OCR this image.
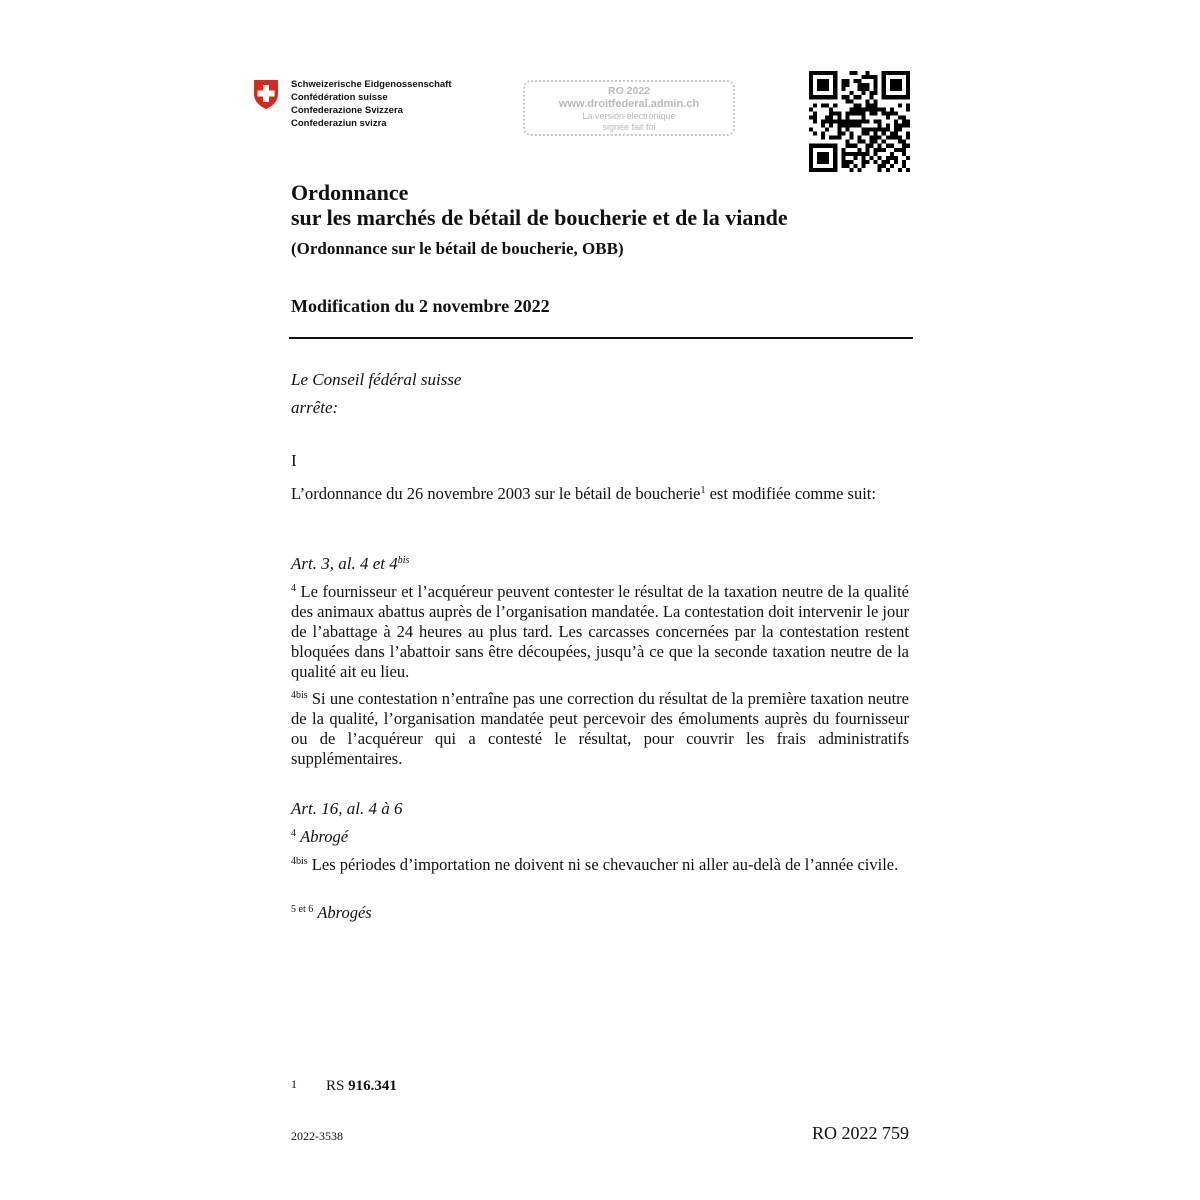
Schweizerische Eidgenossenschaft
Confédération suisse
Confederazione Svizzera
Confederaziun svizra
RO 2022
www.droitfederal.admin.ch
La version électronique
signée fait foi
Ordonnance
sur les marchés de bétail de boucherie et de la viande
(Ordonnance sur le bétail de boucherie, OBB)
Modification du 2 novembre 2022
Le Conseil fédéral suisse
arrête:
I
L’ordonnance du 26 novembre 2003 sur le bétail de boucherie$^1$ est modifiée comme suit:
Art. 3, al. 4 et $4^{bis}$
$^4$ Le fournisseur et l’acquéreur peuvent contester le résultat de la taxation neutre de la qualité des animaux abattus auprès de l’organisation mandatée. La contestation doit intervenir le jour de l’abattage à 24 heures au plus tard. Les carcasses concernées par la contestation restent bloquées dans l’abattoir sans être découpées, jusqu’à ce que la seconde taxation neutre de la qualité ait eu lieu.
$^{4bis}$ Si une contestation n’entraîne pas une correction du résultat de la première taxation neutre de la qualité, l’organisation mandatée peut percevoir des émoluments auprès du fournisseur ou de l’acquéreur qui a contesté le résultat, pour couvrir les frais administratifs supplémentaires.
Art. 16, al. 4 à 6
$^4$ Abrogé
$^{4bis}$ Les périodes d’importation ne doivent ni se chevaucher ni aller au-delà de l’année civile.
$^{5 et 6}$ Abrogés
1 RS 916.341
2022-3538	RO 2022 759
